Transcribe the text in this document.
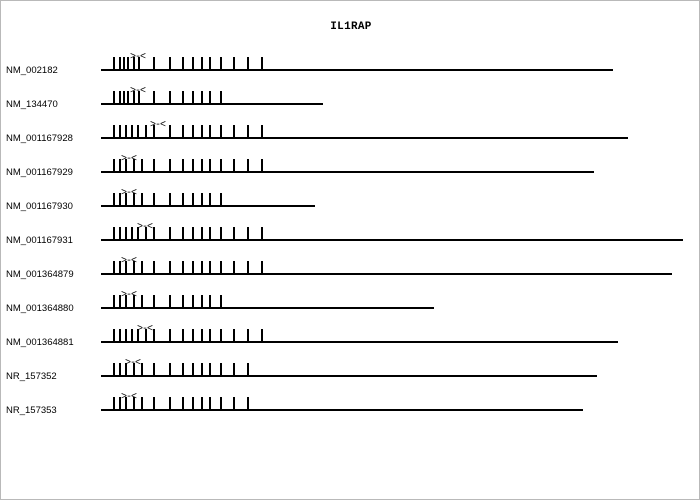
IL1RAP
NM_002182
>-<
NM_134470
>-<
NM_001167928
>-<
NM_001167929
>-<
NM_001167930
>-<
NM_001167931
>-<
NM_001364879
>-<
NM_001364880
>-<
NM_001364881
>-<
NR_157352
>-<
NR_157353
>-<
